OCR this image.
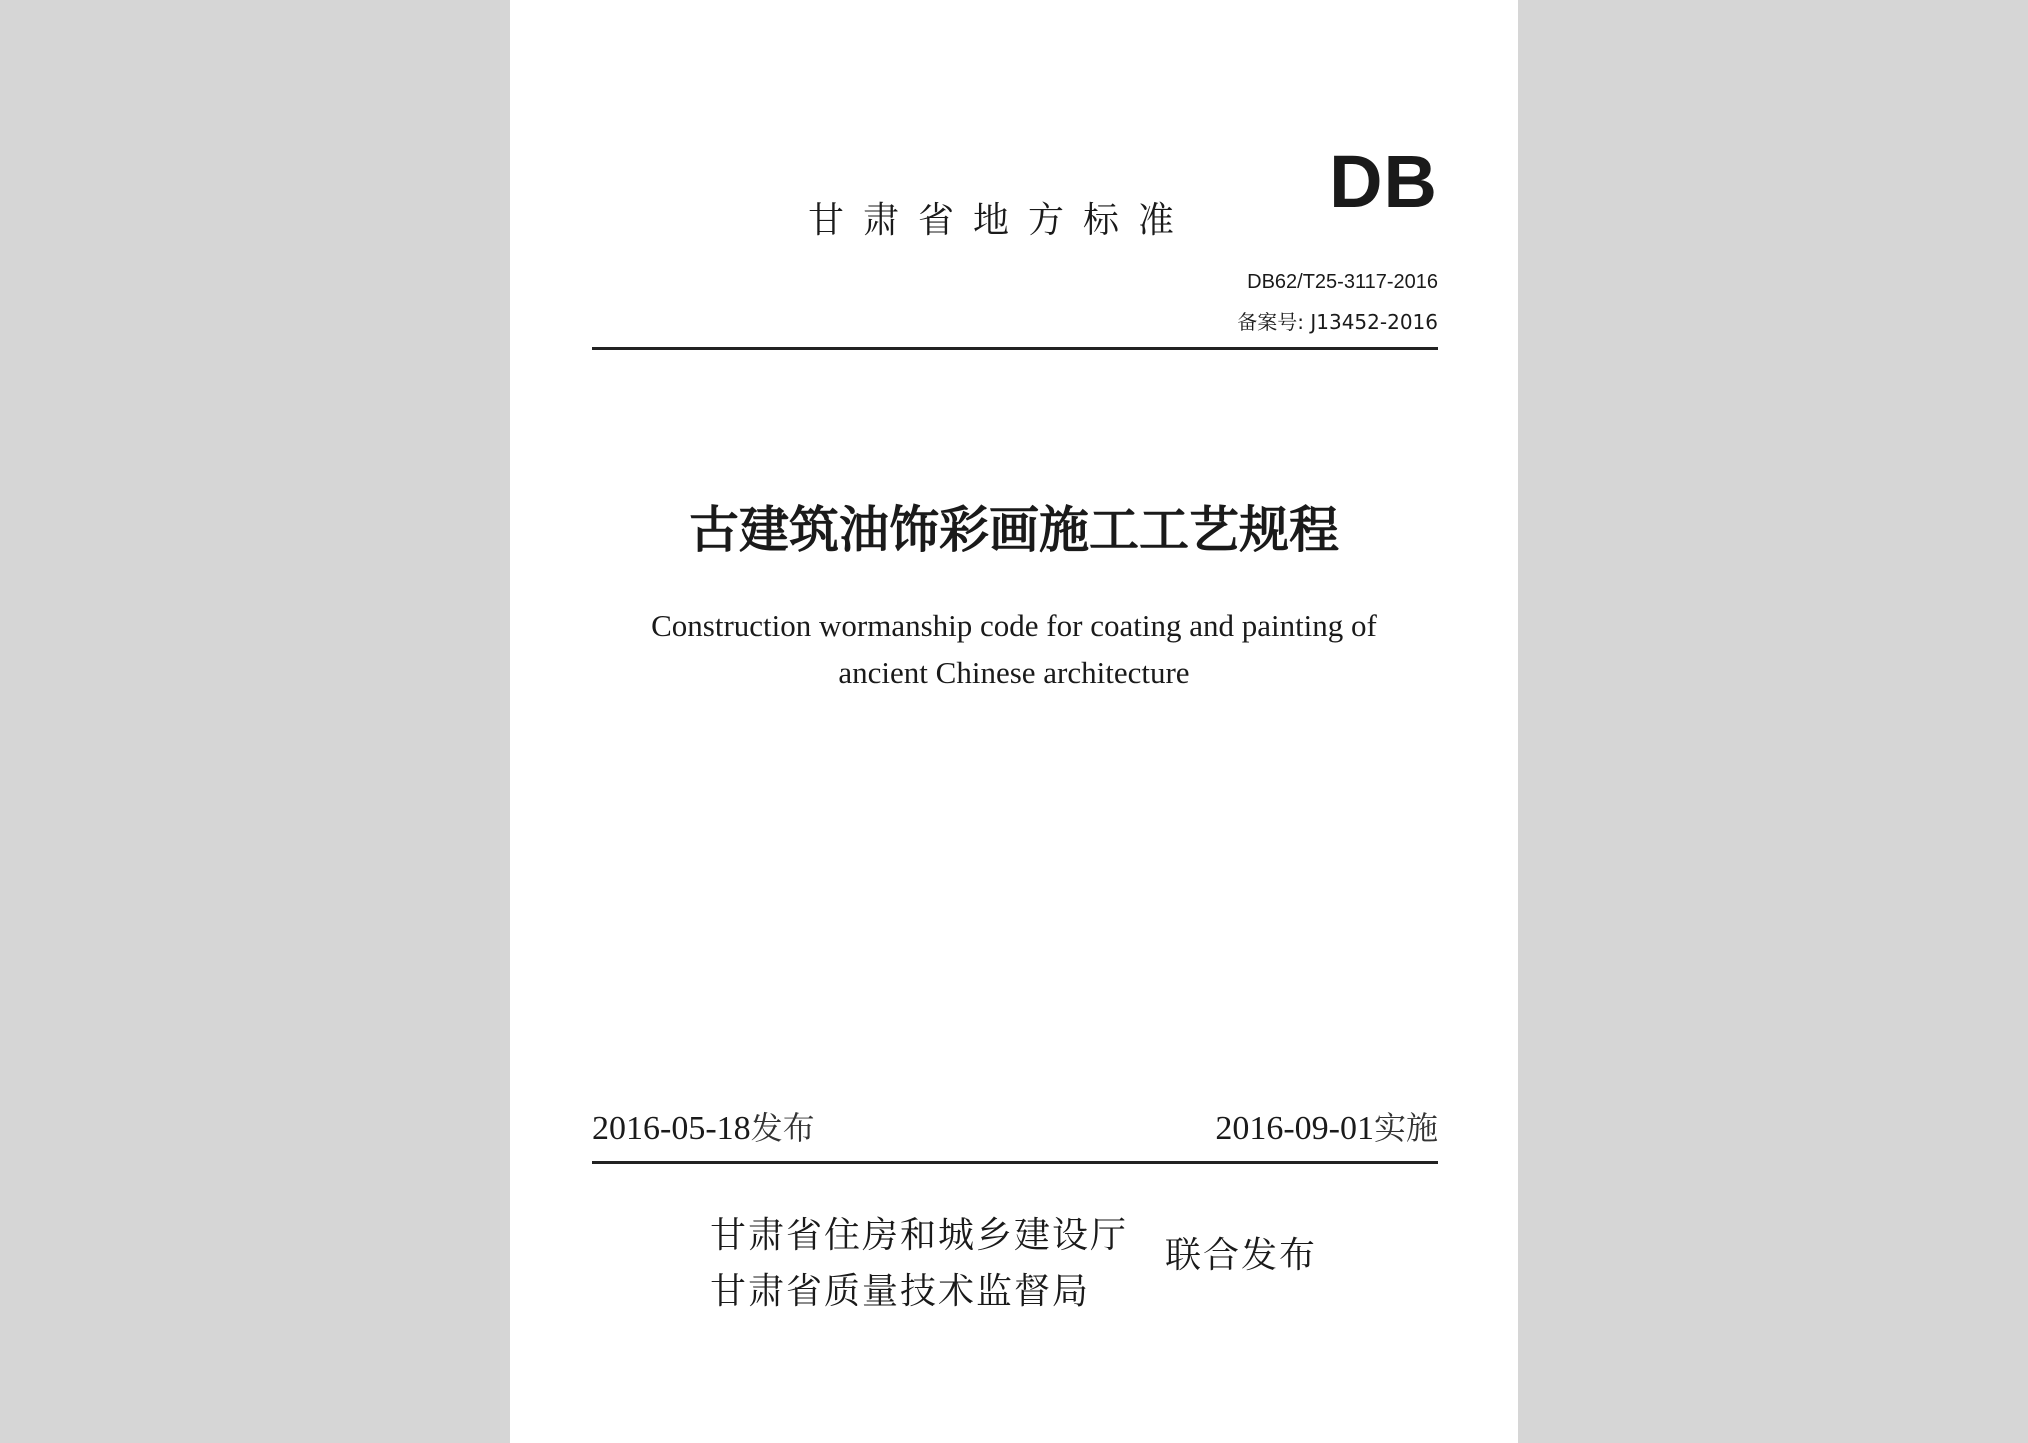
DB
甘肃省地方标准
DB62/T25-3117-2016
备案号: J13452-2016
古建筑油饰彩画施工工艺规程
Construction wormanship code for coating and painting of
ancient Chinese architecture
2016-05-18发布	2016-09-01实施
甘肃省住房和城乡建设厅
甘肃省质量技术监督局
联合发布
